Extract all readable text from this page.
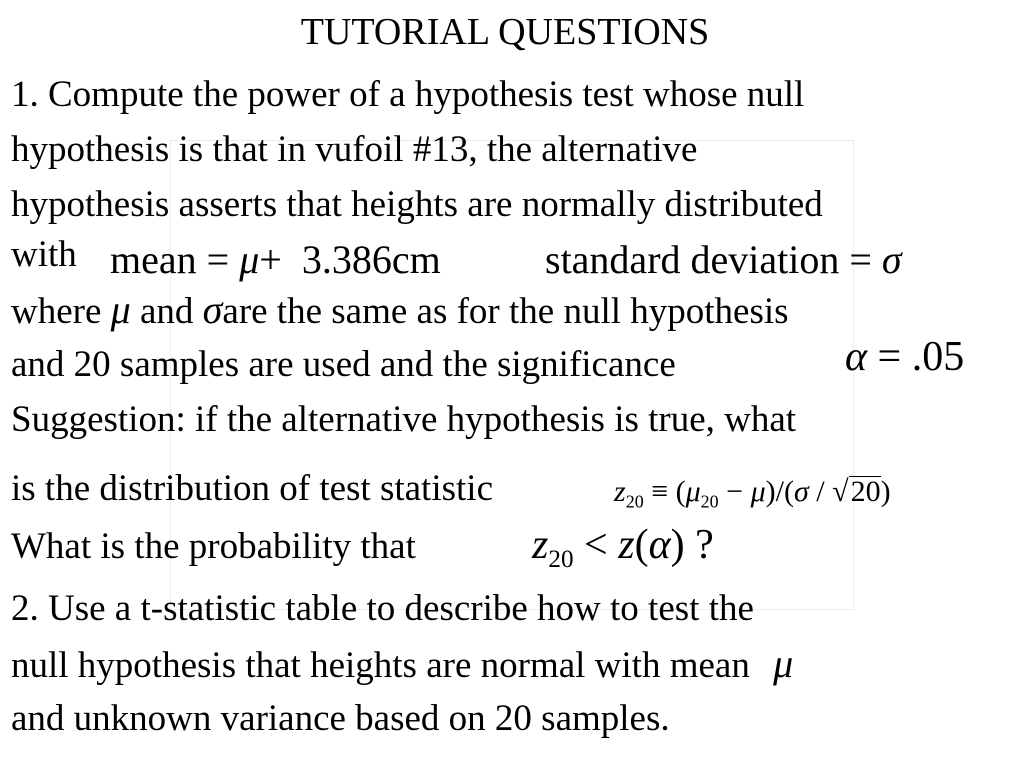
TUTORIAL QUESTIONS
1. Compute the power of a hypothesis test whose null
hypothesis is that in vufoil #13, the alternative
hypothesis asserts that heights are normally distributed
with mean = μ+ 3.386cm	standard deviation = σ
where μ and σare the same as for the null hypothesis
and 20 samples are used and the significance	α = .05
Suggestion: if the alternative hypothesis is true, what
is the distribution of test statistic	$z_{20} \equiv (\mu_{20} - \mu)/(\sigma / √20)$
What is the probability that	$z_{20} < z(\alpha)$ ?
2. Use a t-statistic table to describe how to test the
null hypothesis that heights are normal with mean μ
and unknown variance based on 20 samples.
